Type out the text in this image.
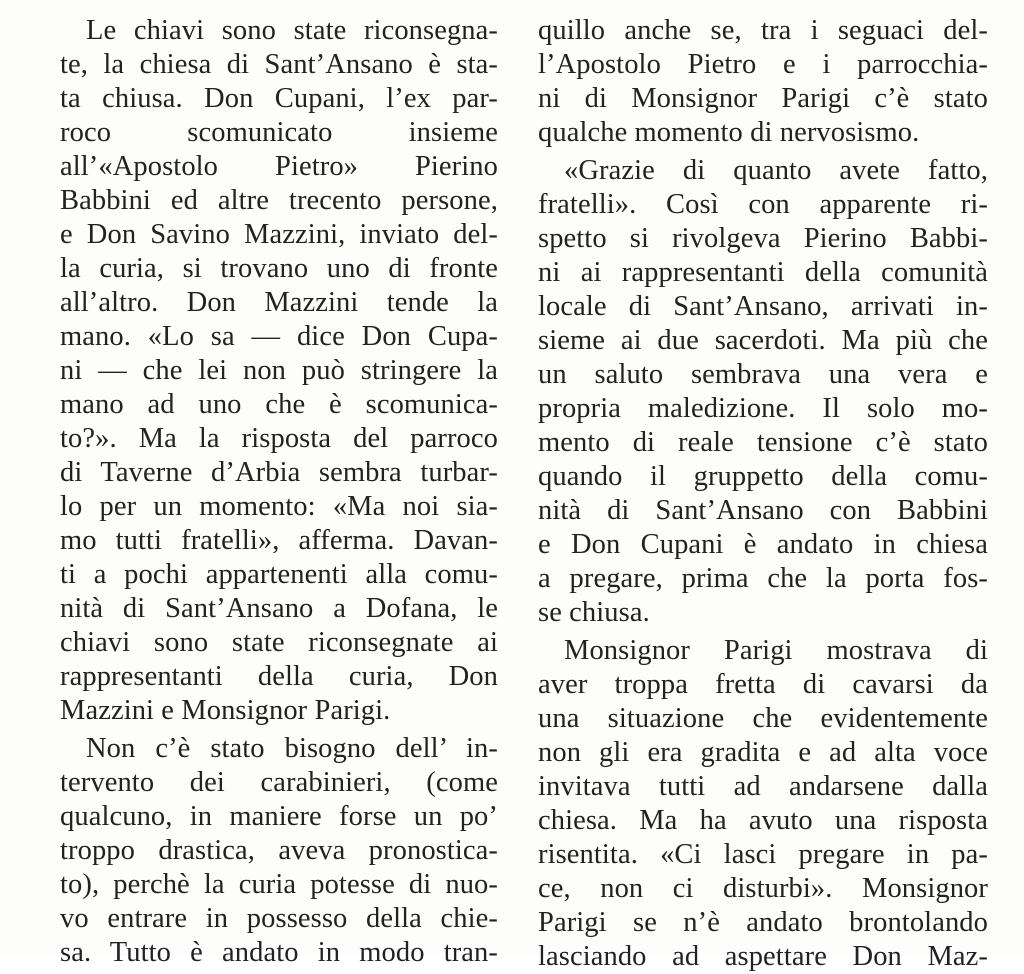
Le chiavi sono state riconsegna-
te, la chiesa di Sant’Ansano è sta-
ta chiusa. Don Cupani, l’ex par-
roco scomunicato insieme
all’«Apostolo Pietro» Pierino
Babbini ed altre trecento persone,
e Don Savino Mazzini, inviato del-
la curia, si trovano uno di fronte
all’altro. Don Mazzini tende la
mano. «Lo sa — dice Don Cupa-
ni — che lei non può stringere la
mano ad uno che è scomunica-
to?». Ma la risposta del parroco
di Taverne d’Arbia sembra turbar-
lo per un momento: «Ma noi sia-
mo tutti fratelli», afferma. Davan-
ti a pochi appartenenti alla comu-
nità di Sant’Ansano a Dofana, le
chiavi sono state riconsegnate ai
rappresentanti della curia, Don
Mazzini e Monsignor Parigi.
Non c’è stato bisogno dell’ in-
tervento dei carabinieri, (come
qualcuno, in maniere forse un po’
troppo drastica, aveva pronostica-
to), perchè la curia potesse di nuo-
vo entrare in possesso della chie-
sa. Tutto è andato in modo tran-
quillo anche se, tra i seguaci del-
l’Apostolo Pietro e i parrocchia-
ni di Monsignor Parigi c’è stato
qualche momento di nervosismo.
«Grazie di quanto avete fatto,
fratelli». Così con apparente ri-
spetto si rivolgeva Pierino Babbi-
ni ai rappresentanti della comunità
locale di Sant’Ansano, arrivati in-
sieme ai due sacerdoti. Ma più che
un saluto sembrava una vera e
propria maledizione. Il solo mo-
mento di reale tensione c’è stato
quando il gruppetto della comu-
nità di Sant’Ansano con Babbini
e Don Cupani è andato in chiesa
a pregare, prima che la porta fos-
se chiusa.
Monsignor Parigi mostrava di
aver troppa fretta di cavarsi da
una situazione che evidentemente
non gli era gradita e ad alta voce
invitava tutti ad andarsene dalla
chiesa. Ma ha avuto una risposta
risentita. «Ci lasci pregare in pa-
ce, non ci disturbi». Monsignor
Parigi se n’è andato brontolando
lasciando ad aspettare Don Maz-
